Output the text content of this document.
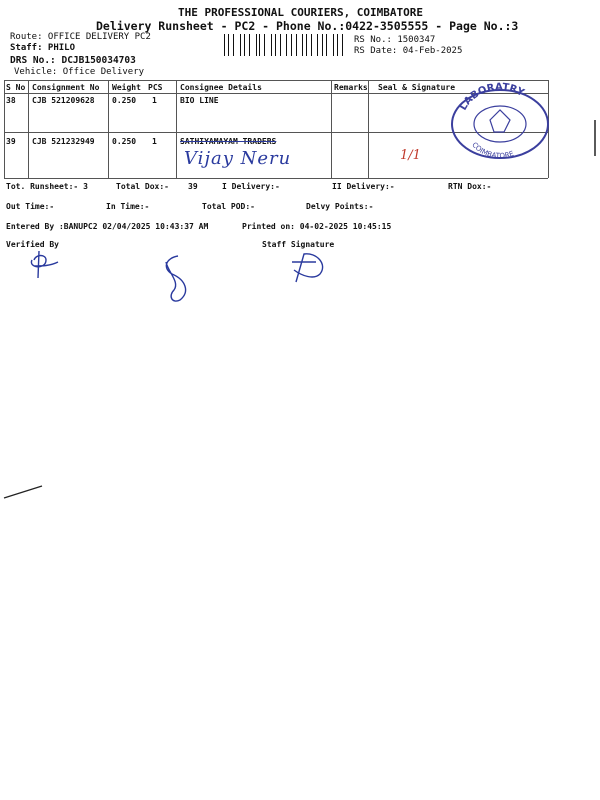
THE PROFESSIONAL COURIERS, COIMBATORE
Delivery Runsheet - PC2 - Phone No.:0422-3505555 - Page No.:3
Route: OFFICE DELIVERY PC2
Staff: PHILO
DRS No.: DCJB150034703
Vehicle: Office Delivery
RS No.: 1500347
RS Date: 04-Feb-2025
S No Consignment No Weight PCS Consignee Details	Remarks Seal & Signature
38 CJB 521209628 0.250 1	BIO LINE
39 CJB 521232949 0.250 1	SATHIYAMAYAM TRADERS
Vijay Neru	1/1
LABORATRY
COIMBATORE
Tot. Runsheet:- 3	Total Dox:- 39	I Delivery:-	II Delivery:-	RTN Dox:-
Out Time:-	In Time:-	Total POD:-	Delvy Points:-
Entered By :BANUPC2 02/04/2025 10:43:37 AM	Printed on: 04-02-2025 10:45:15
Verified By	Staff Signature
